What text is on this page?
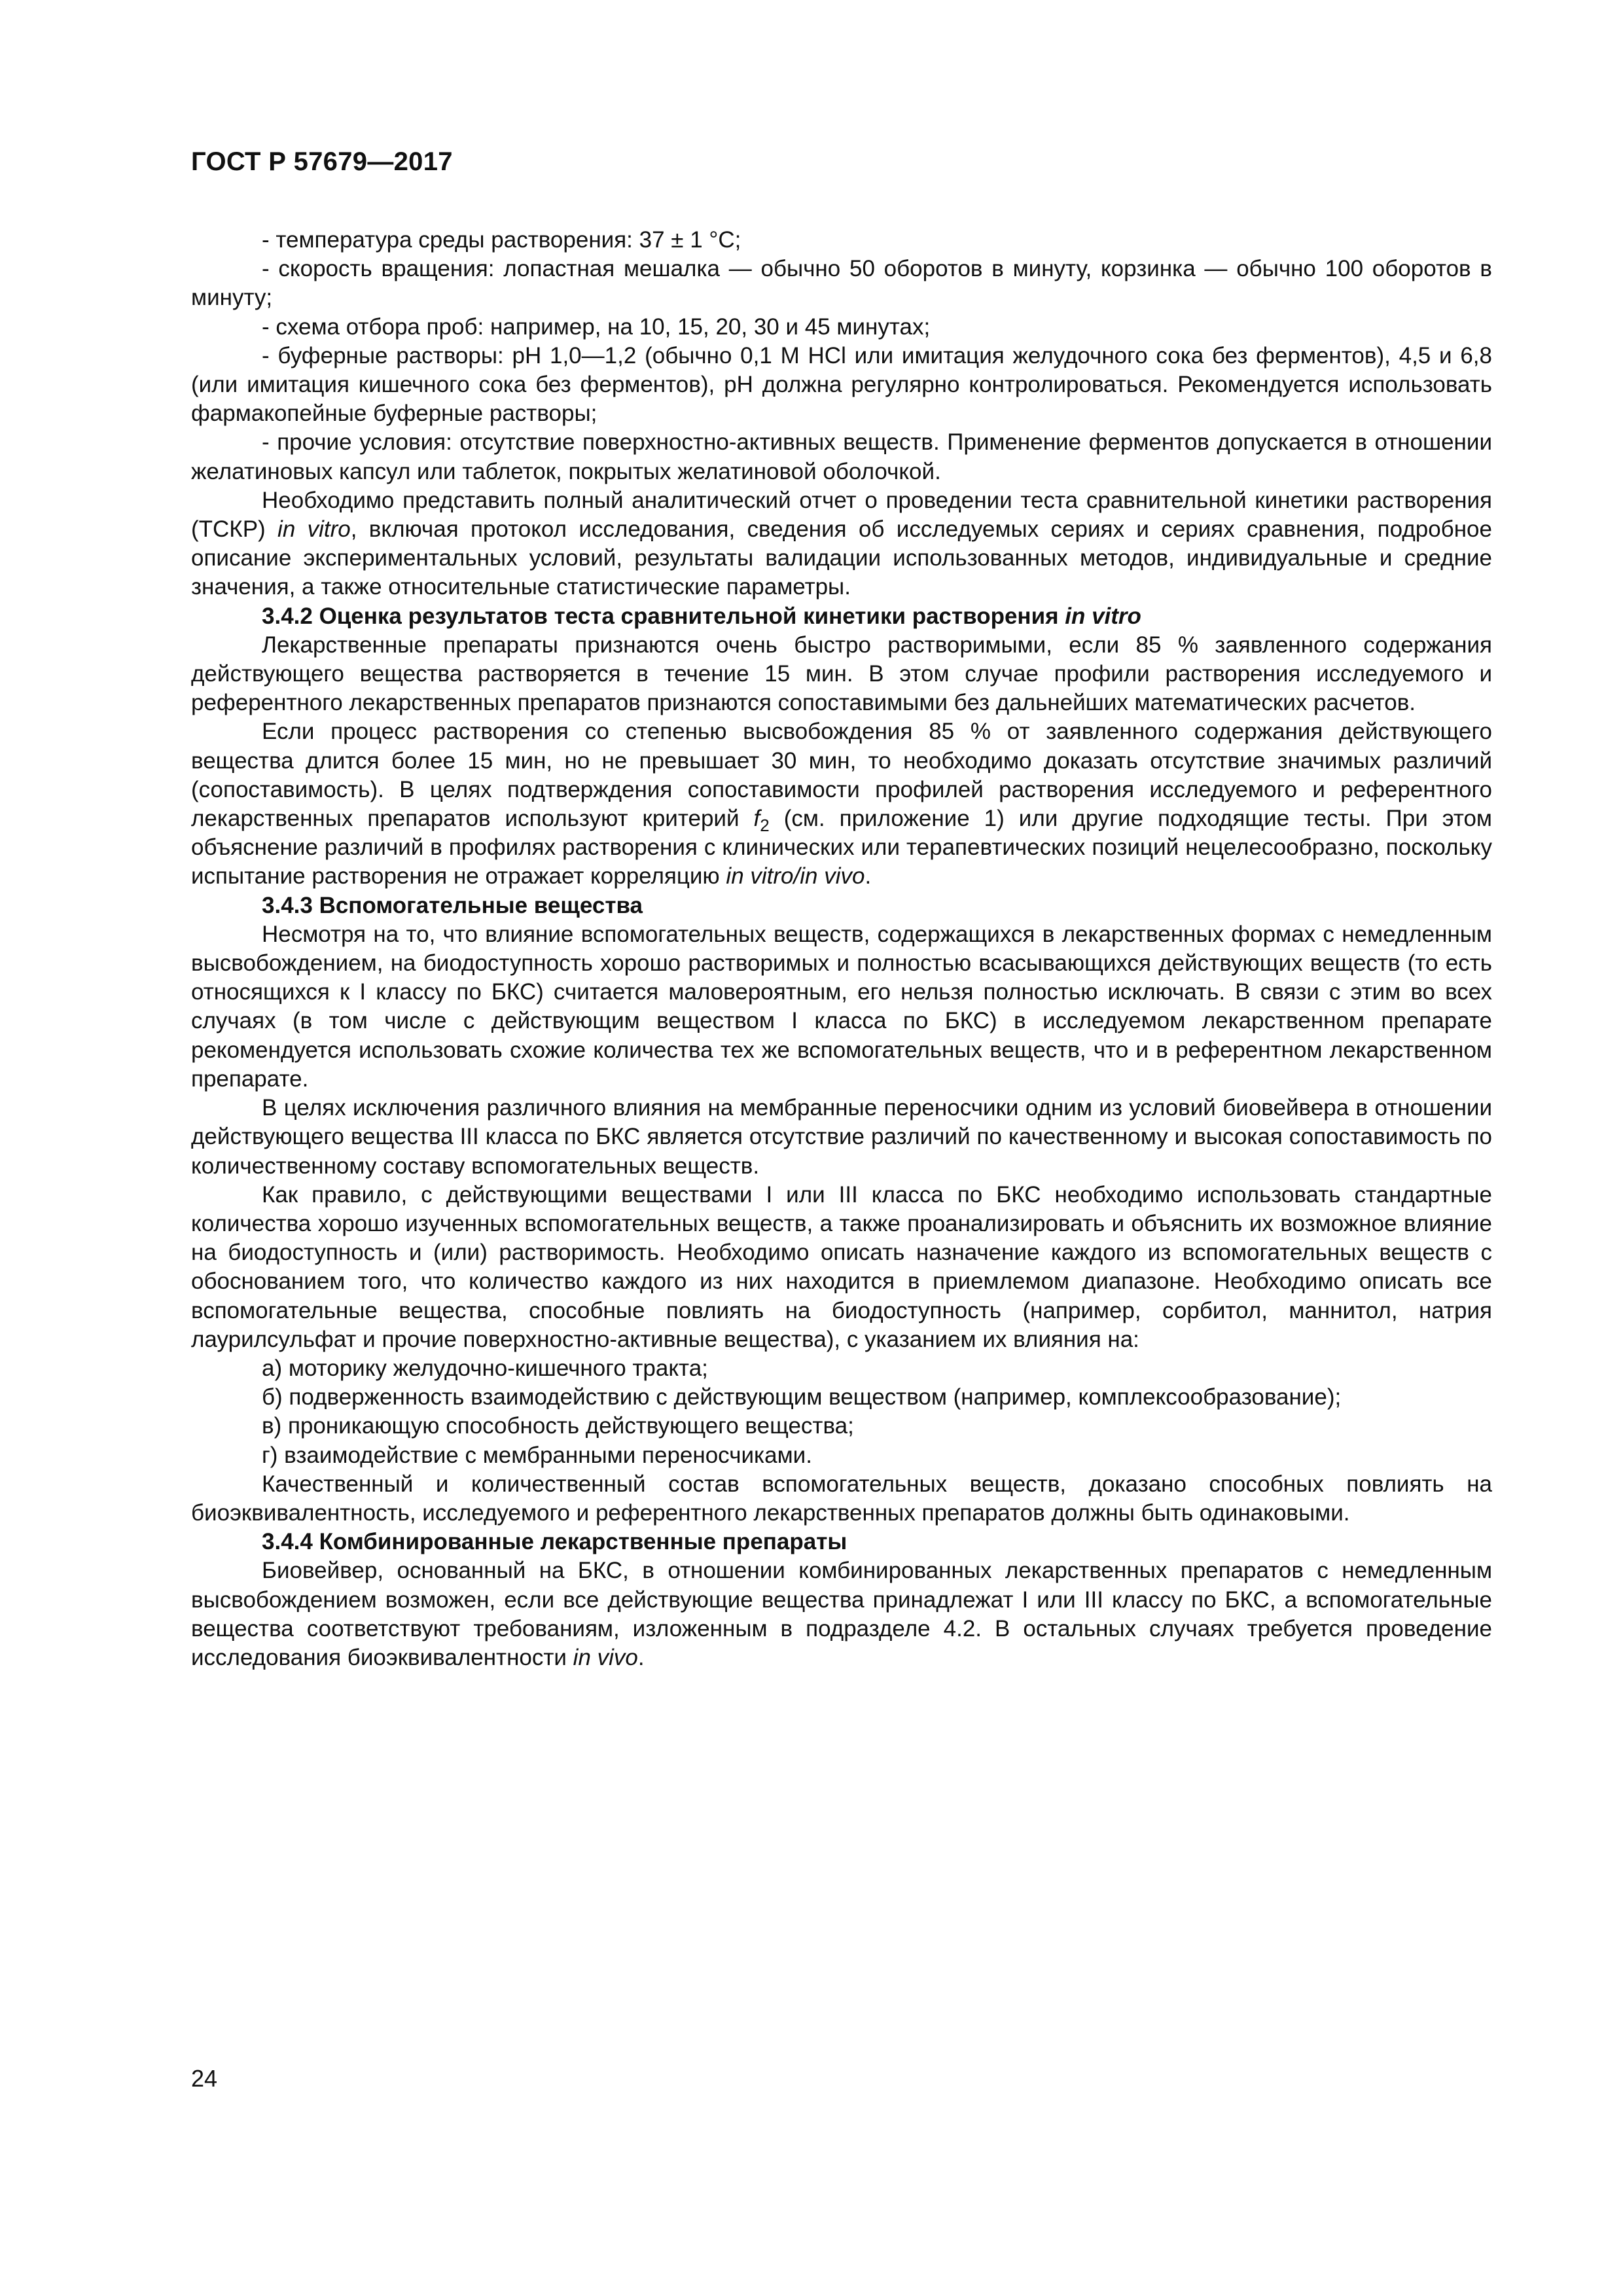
ГОСТ Р 57679—2017

- температура среды растворения: 37 ± 1 °С;

- скорость вращения: лопастная мешалка — обычно 50 оборотов в минуту, корзинка — обычно 100 оборотов в минуту;

- схема отбора проб: например, на 10, 15, 20, 30 и 45 минутах;

- буферные растворы: рН 1,0—1,2 (обычно 0,1 М НСl или имитация желудочного сока без ферментов), 4,5 и 6,8 (или имитация кишечного сока без ферментов), рН должна регулярно контролироваться. Рекомендуется использовать фармакопейные буферные растворы;

- прочие условия: отсутствие поверхностно-активных веществ. Применение ферментов допускается в отношении желатиновых капсул или таблеток, покрытых желатиновой оболочкой.

Необходимо представить полный аналитический отчет о проведении теста сравнительной кинетики растворения (ТСКР) in vitro, включая протокол исследования, сведения об исследуемых сериях и сериях сравнения, подробное описание экспериментальных условий, результаты валидации использованных методов, индивидуальные и средние значения, а также относительные статистические параметры.

3.4.2 Оценка результатов теста сравнительной кинетики растворения in vitro

Лекарственные препараты признаются очень быстро растворимыми, если 85 % заявленного содержания действующего вещества растворяется в течение 15 мин. В этом случае профили растворения исследуемого и референтного лекарственных препаратов признаются сопоставимыми без дальнейших математических расчетов.

Если процесс растворения со степенью высвобождения 85 % от заявленного содержания действующего вещества длится более 15 мин, но не превышает 30 мин, то необходимо доказать отсутствие значимых различий (сопоставимость). В целях подтверждения сопоставимости профилей растворения исследуемого и референтного лекарственных препаратов используют критерий $f_2$ (см. приложение 1) или другие подходящие тесты. При этом объяснение различий в профилях растворения с клинических или терапевтических позиций нецелесообразно, поскольку испытание растворения не отражает корреляцию in vitro/in vivo.

3.4.3 Вспомогательные вещества

Несмотря на то, что влияние вспомогательных веществ, содержащихся в лекарственных формах с немедленным высвобождением, на биодоступность хорошо растворимых и полностью всасывающихся действующих веществ (то есть относящихся к I классу по БКС) считается маловероятным, его нельзя полностью исключать. В связи с этим во всех случаях (в том числе с действующим веществом I класса по БКС) в исследуемом лекарственном препарате рекомендуется использовать схожие количества тех же вспомогательных веществ, что и в референтном лекарственном препарате.

В целях исключения различного влияния на мембранные переносчики одним из условий биовейвера в отношении действующего вещества III класса по БКС является отсутствие различий по качественному и высокая сопоставимость по количественному составу вспомогательных веществ.

Как правило, с действующими веществами I или III класса по БКС необходимо использовать стандартные количества хорошо изученных вспомогательных веществ, а также проанализировать и объяснить их возможное влияние на биодоступность и (или) растворимость. Необходимо описать назначение каждого из вспомогательных веществ с обоснованием того, что количество каждого из них находится в приемлемом диапазоне. Необходимо описать все вспомогательные вещества, способные повлиять на биодоступность (например, сорбитол, маннитол, натрия лаурилсульфат и прочие поверхностно-активные вещества), с указанием их влияния на:

а) моторику желудочно-кишечного тракта;

б) подверженность взаимодействию с действующим веществом (например, комплексообразование);

в) проникающую способность действующего вещества;

г) взаимодействие с мембранными переносчиками.

Качественный и количественный состав вспомогательных веществ, доказано способных повлиять на биоэквивалентность, исследуемого и референтного лекарственных препаратов должны быть одинаковыми.

3.4.4 Комбинированные лекарственные препараты

Биовейвер, основанный на БКС, в отношении комбинированных лекарственных препаратов с немедленным высвобождением возможен, если все действующие вещества принадлежат I или III классу по БКС, а вспомогательные вещества соответствуют требованиям, изложенным в подразделе 4.2. В остальных случаях требуется проведение исследования биоэквивалентности in vivo.

24
